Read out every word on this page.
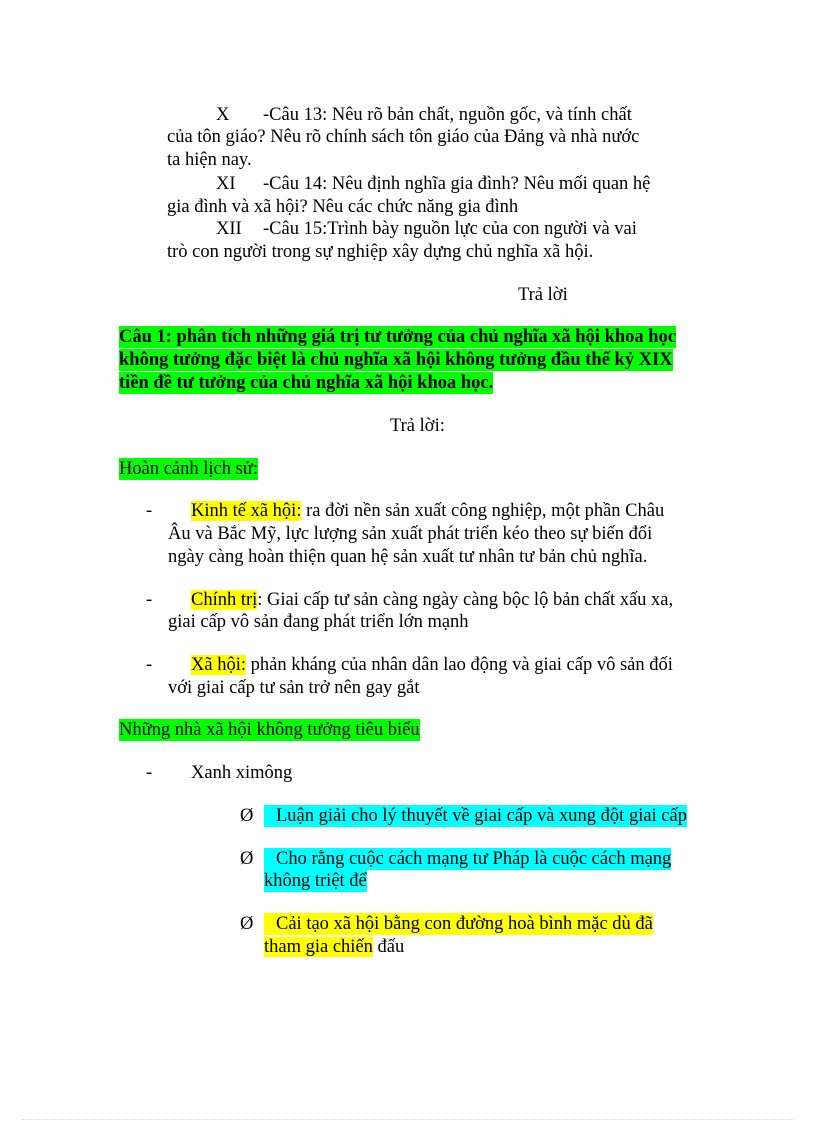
X -Câu 13: Nêu rõ bản chất, nguồn gốc, và tính chất
của tôn giáo? Nêu rõ chính sách tôn giáo của Đảng và nhà nước
ta hiện nay.
XI -Câu 14: Nêu định nghĩa gia đình? Nêu mối quan hệ
gia đình và xã hội? Nêu các chức năng gia đình
XII -Câu 15:Trình bày nguồn lực của con người và vai
trò con người trong sự nghiệp xây dựng chủ nghĩa xã hội.
Trả lời
Câu 1: phân tích những giá trị tư tưởng của chủ nghĩa xã hội khoa học
không tưởng đặc biệt là chủ nghĩa xã hội không tưởng đầu thế kỷ XIX
tiền đề tư tưởng của chủ nghĩa xã hội khoa học.
Trả lời:
Hoàn cảnh lịch sử:
- Kinh tế xã hội: ra đời nền sản xuất công nghiệp, một phần Châu
Âu và Bắc Mỹ, lực lượng sản xuất phát triển kéo theo sự biến đổi
ngày càng hoàn thiện quan hệ sản xuất tư nhân tư bản chủ nghĩa.
- Chính trị: Giai cấp tư sản càng ngày càng bộc lộ bản chất xấu xa,
giai cấp vô sản đang phát triển lớn mạnh
- Xã hội: phản kháng của nhân dân lao động và giai cấp vô sản đối
với giai cấp tư sản trở nên gay gắt
Những nhà xã hội không tưởng tiêu biểu
- Xanh ximông
Ø	Luận giải cho lý thuyết về giai cấp và xung đột giai cấp
Ø	Cho rằng cuộc cách mạng tư Pháp là cuộc cách mạng
không triệt để
Ø	Cải tạo xã hội bằng con đường hoà bình mặc dù đã
tham gia chiến đấu
